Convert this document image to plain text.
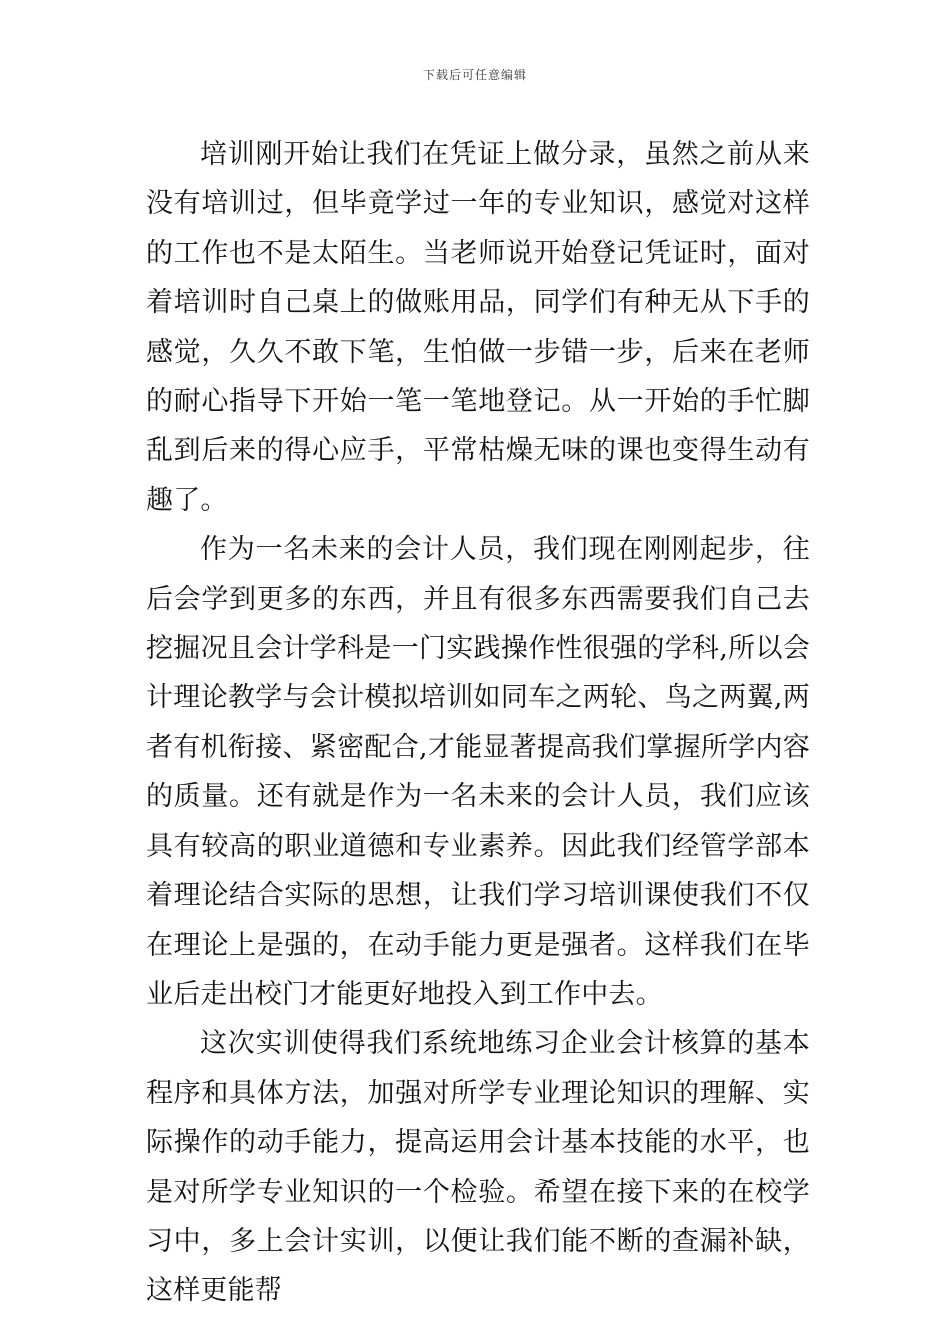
下载后可任意编辑

培训刚开始让我们在凭证上做分录，虽然之前从来没有培训过，但毕竟学过一年的专业知识，感觉对这样的工作也不是太陌生。当老师说开始登记凭证时，面对着培训时自己桌上的做账用品，同学们有种无从下手的感觉，久久不敢下笔，生怕做一步错一步，后来在老师的耐心指导下开始一笔一笔地登记。从一开始的手忙脚乱到后来的得心应手，平常枯燥无味的课也变得生动有趣了。

作为一名未来的会计人员，我们现在刚刚起步，往后会学到更多的东西，并且有很多东西需要我们自己去挖掘况且会计学科是一门实践操作性很强的学科,所以会计理论教学与会计模拟培训如同车之两轮、鸟之两翼,两者有机衔接、紧密配合,才能显著提高我们掌握所学内容的质量。还有就是作为一名未来的会计人员，我们应该具有较高的职业道德和专业素养。因此我们经管学部本着理论结合实际的思想，让我们学习培训课使我们不仅在理论上是强的，在动手能力更是强者。这样我们在毕业后走出校门才能更好地投入到工作中去。

这次实训使得我们系统地练习企业会计核算的基本程序和具体方法，加强对所学专业理论知识的理解、实际操作的动手能力，提高运用会计基本技能的水平，也是对所学专业知识的一个检验。希望在接下来的在校学习中，多上会计实训，以便让我们能不断的查漏补缺，这样更能帮
